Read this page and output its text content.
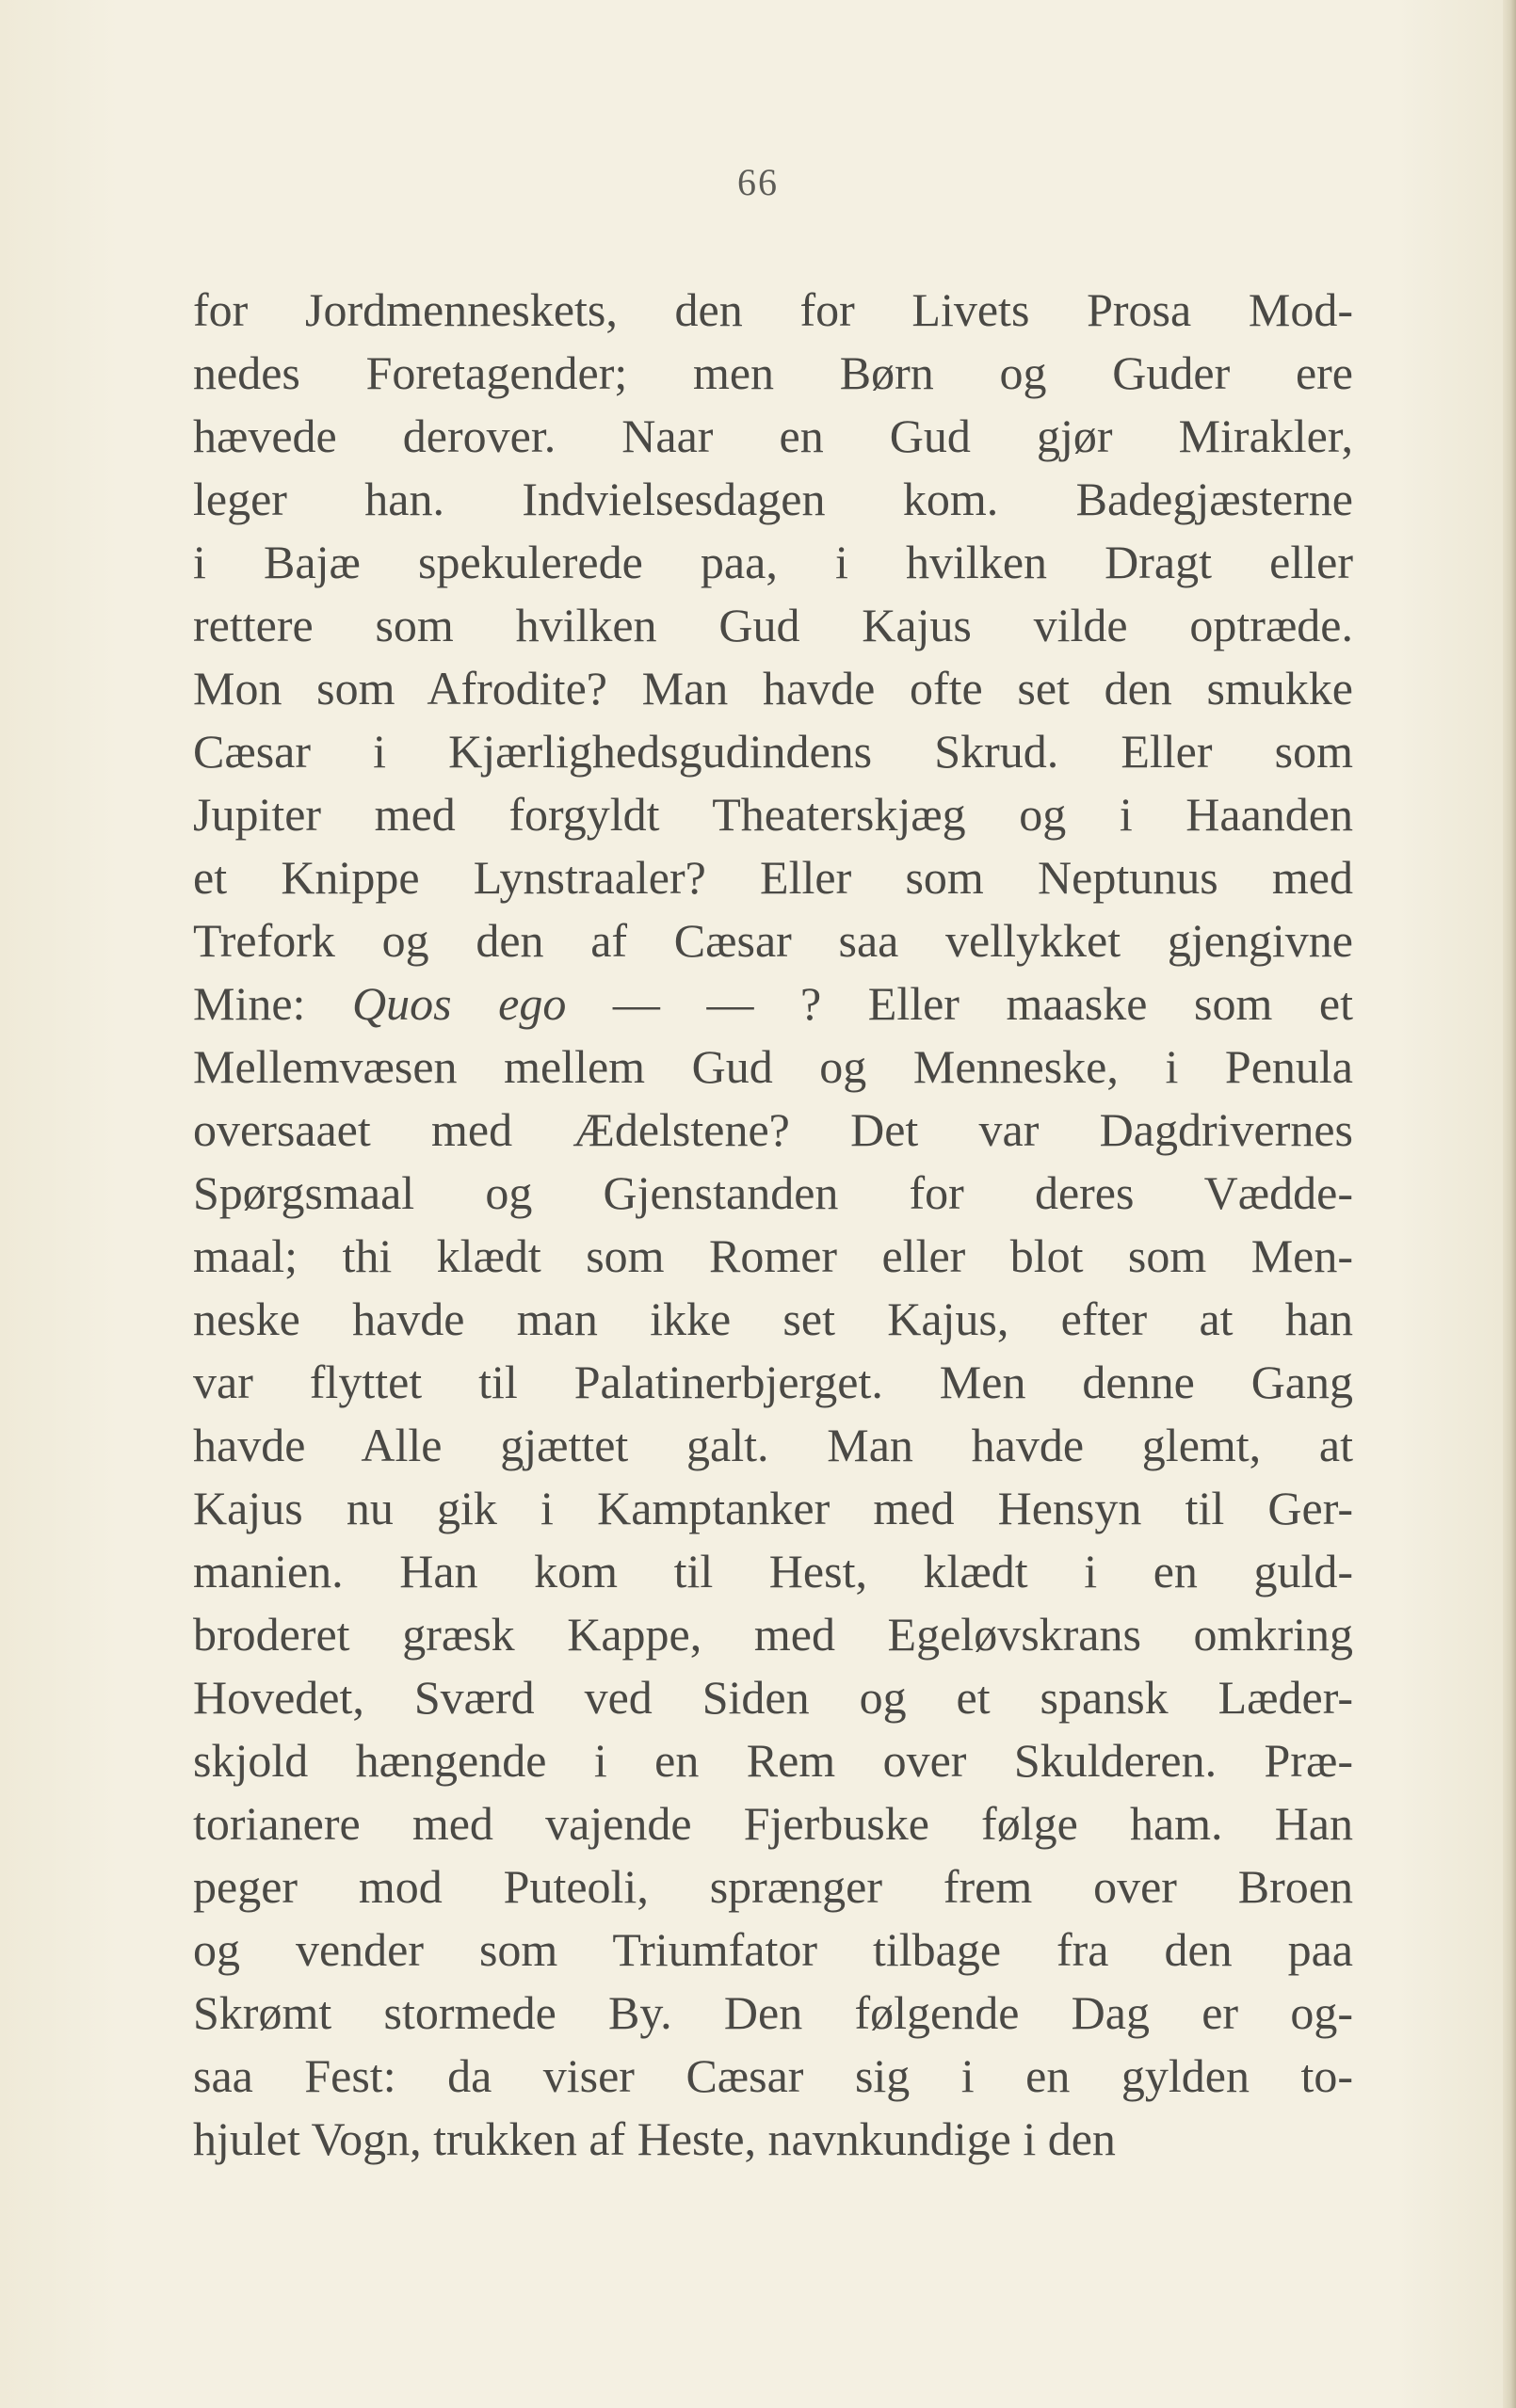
66
for Jordmenneskets, den for Livets Prosa Mod-
nedes Foretagender; men Børn og Guder ere
hævede derover. Naar en Gud gjør Mirakler,
leger han. Indvielsesdagen kom. Badegjæsterne
i Bajæ spekulerede paa, i hvilken Dragt eller
rettere som hvilken Gud Kajus vilde optræde.
Mon som Afrodite? Man havde ofte set den smukke
Cæsar i Kjærlighedsgudindens Skrud. Eller som
Jupiter med forgyldt Theaterskjæg og i Haanden
et Knippe Lynstraaler? Eller som Neptunus med
Trefork og den af Cæsar saa vellykket gjengivne
Mine: Quos ego — — ? Eller maaske som et
Mellemvæsen mellem Gud og Menneske, i Penula
oversaaet med Ædelstene? Det var Dagdrivernes
Spørgsmaal og Gjenstanden for deres Vædde-
maal; thi klædt som Romer eller blot som Men-
neske havde man ikke set Kajus, efter at han
var flyttet til Palatinerbjerget. Men denne Gang
havde Alle gjættet galt. Man havde glemt, at
Kajus nu gik i Kamptanker med Hensyn til Ger-
manien. Han kom til Hest, klædt i en guld-
broderet græsk Kappe, med Egeløvskrans omkring
Hovedet, Sværd ved Siden og et spansk Læder-
skjold hængende i en Rem over Skulderen. Præ-
torianere med vajende Fjerbuske følge ham. Han
peger mod Puteoli, sprænger frem over Broen
og vender som Triumfator tilbage fra den paa
Skrømt stormede By. Den følgende Dag er og-
saa Fest: da viser Cæsar sig i en gylden to-
hjulet Vogn, trukken af Heste, navnkundige i den
